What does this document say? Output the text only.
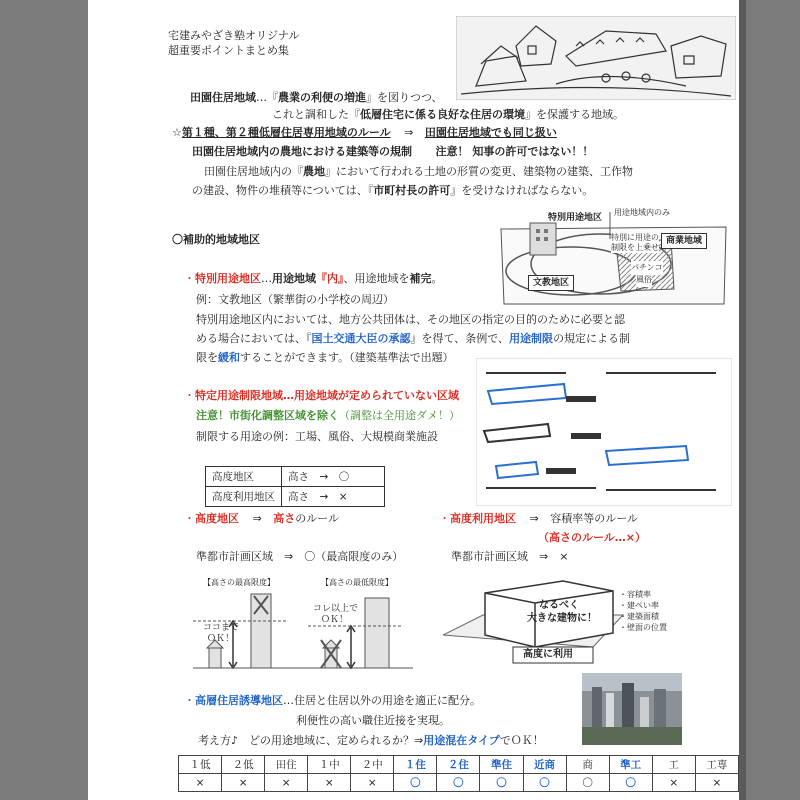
宅建みやざき塾オリジナル
超重要ポイントまとめ集
田園住居地域…『農業の利便の増進』を図りつつ、
これと調和した『低層住宅に係る良好な住居の環境』を保護する地域。
☆第１種、第２種低層住居専用地域のルール ⇒ 田園住居地域でも同じ扱い
田園住居地域内の農地における建築等の規制 注意！ 知事の許可ではない！！
田園住居地域内の『農地』において行われる土地の形質の変更、建築物の建築、工作物
の建設、物件の堆積等については、『市町村長の許可』を受けなければならない。
〇補助的地域地区
特別用途地区
用途地域内のみ
商業地域
文教地区
特別に用途の
制限を上乗せ
パチンコ
風俗
・特別用途地区…用途地域『内』、用途地域を補完。
例：文教地区（繁華街の小学校の周辺）
特別用途地区内においては、地方公共団体は、その地区の指定の目的のために必要と認
める場合においては、『国土交通大臣の承認』を得て、条例で、用途制限の規定による制
限を緩和することができます。（建築基準法で出題）
・特定用途制限地域…用途地域が定められていない区域
注意！市街化調整区域を除く（調整は全用途ダメ！）
制限する用途の例：工場、風俗、大規模商業施設
高度地区	高さ　→　〇
高度利用地区	高さ　→　×
・高度地区 ⇒ 高さのルール
準都市計画区域　⇒　〇（最高限度のみ）
・高度利用地区 ⇒ 容積率等のルール
（高さのルール…×）
準都市計画区域　⇒　×
【高さの最高限度】	【高さの最低限度】
ココまで
ＯＫ！
コレ以上で
ＯＫ！
なるべく
大きな建物に！
高度に利用
・容積率
・建ぺい率
・建築面積
・壁面の位置
・高層住居誘導地区…住居と住居以外の用途を適正に配分。
利便性の高い職住近接を実現。
考え方♪　どの用途地域に、定められるか？⇒用途混在タイプでＯＫ！
１低	２低	田住	１中	２中	１住	２住	準住	近商	商	準工	工	工専
×	×	×	×	×	〇	〇	〇	〇	〇	〇	×	×
